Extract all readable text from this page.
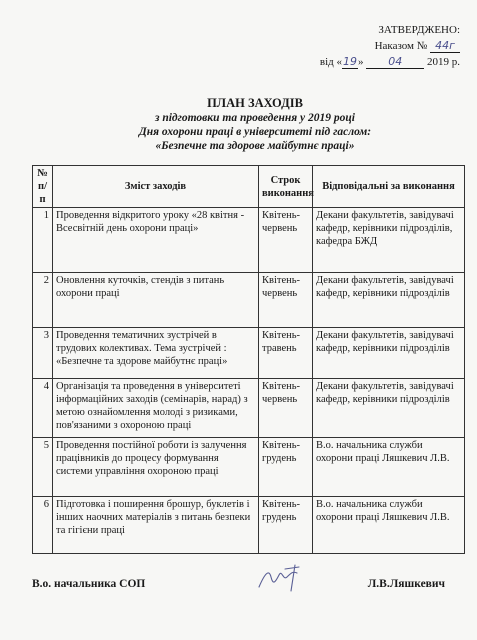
ЗАТВЕРДЖЕНО:
Наказом № 44г
від «19» 04 2019 р.
ПЛАН ЗАХОДІВ
з підготовки та проведення у 2019 році
Дня охорони праці в університеті під гаслом:
«Безпечне та здорове майбутнє праці»
№ п/п	Зміст заходів	Строк виконання	Відповідальні за виконання
1	Проведення відкритого уроку «28 квітня - Всесвітній день охорони праці»	Квітень-червень	Декани факультетів, завідувачі кафедр, керівники підрозділів, кафедра БЖД
2	Оновлення куточків, стендів з питань охорони праці	Квітень-червень	Декани факультетів, завідувачі кафедр, керівники підрозділів
3	Проведення тематичних зустрічей в трудових колективах. Тема зустрічей : «Безпечне та здорове майбутнє праці»	Квітень-травень	Декани факультетів, завідувачі кафедр, керівники підрозділів
4	Організація та проведення в університеті інформаційних заходів (семінарів, нарад) з метою ознайомлення молоді з ризиками, пов'язаними з охороною праці	Квітень-червень	Декани факультетів, завідувачі кафедр, керівники підрозділів
5	Проведення постійної роботи із залучення працівників до процесу формування системи управління охороною праці	Квітень-грудень	В.о. начальника служби охорони праці Ляшкевич Л.В.
6	Підготовка і поширення брошур, буклетів і інших наочних матеріалів з питань безпеки та гігієни праці	Квітень-грудень	В.о. начальника служби охорони праці Ляшкевич Л.В.
В.о. начальника СОП	Л.В.Ляшкевич
